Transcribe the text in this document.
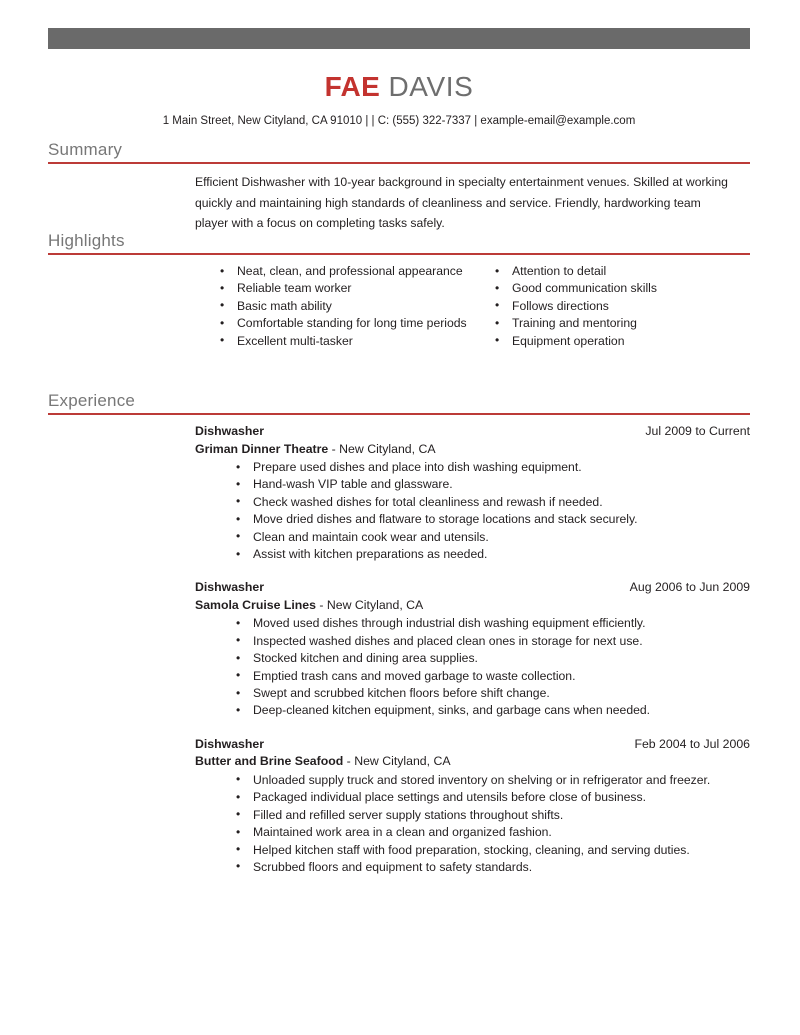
FAE DAVIS
1 Main Street, New Cityland, CA 91010 | | C: (555) 322-7337 | example-email@example.com
Summary
Efficient Dishwasher with 10-year background in specialty entertainment venues. Skilled at working quickly and maintaining high standards of cleanliness and service. Friendly, hardworking team player with a focus on completing tasks safely.
Highlights
• Neat, clean, and professional appearance
• Reliable team worker
• Basic math ability
• Comfortable standing for long time periods
• Excellent multi-tasker
• Attention to detail
• Good communication skills
• Follows directions
• Training and mentoring
• Equipment operation
Experience
Dishwasher	Jul 2009 to Current
Griman Dinner Theatre - New Cityland, CA
• Prepare used dishes and place into dish washing equipment.
• Hand-wash VIP table and glassware.
• Check washed dishes for total cleanliness and rewash if needed.
• Move dried dishes and flatware to storage locations and stack securely.
• Clean and maintain cook wear and utensils.
• Assist with kitchen preparations as needed.
Dishwasher	Aug 2006 to Jun 2009
Samola Cruise Lines - New Cityland, CA
• Moved used dishes through industrial dish washing equipment efficiently.
• Inspected washed dishes and placed clean ones in storage for next use.
• Stocked kitchen and dining area supplies.
• Emptied trash cans and moved garbage to waste collection.
• Swept and scrubbed kitchen floors before shift change.
• Deep-cleaned kitchen equipment, sinks, and garbage cans when needed.
Dishwasher	Feb 2004 to Jul 2006
Butter and Brine Seafood - New Cityland, CA
• Unloaded supply truck and stored inventory on shelving or in refrigerator and freezer.
• Packaged individual place settings and utensils before close of business.
• Filled and refilled server supply stations throughout shifts.
• Maintained work area in a clean and organized fashion.
• Helped kitchen staff with food preparation, stocking, cleaning, and serving duties.
• Scrubbed floors and equipment to safety standards.
